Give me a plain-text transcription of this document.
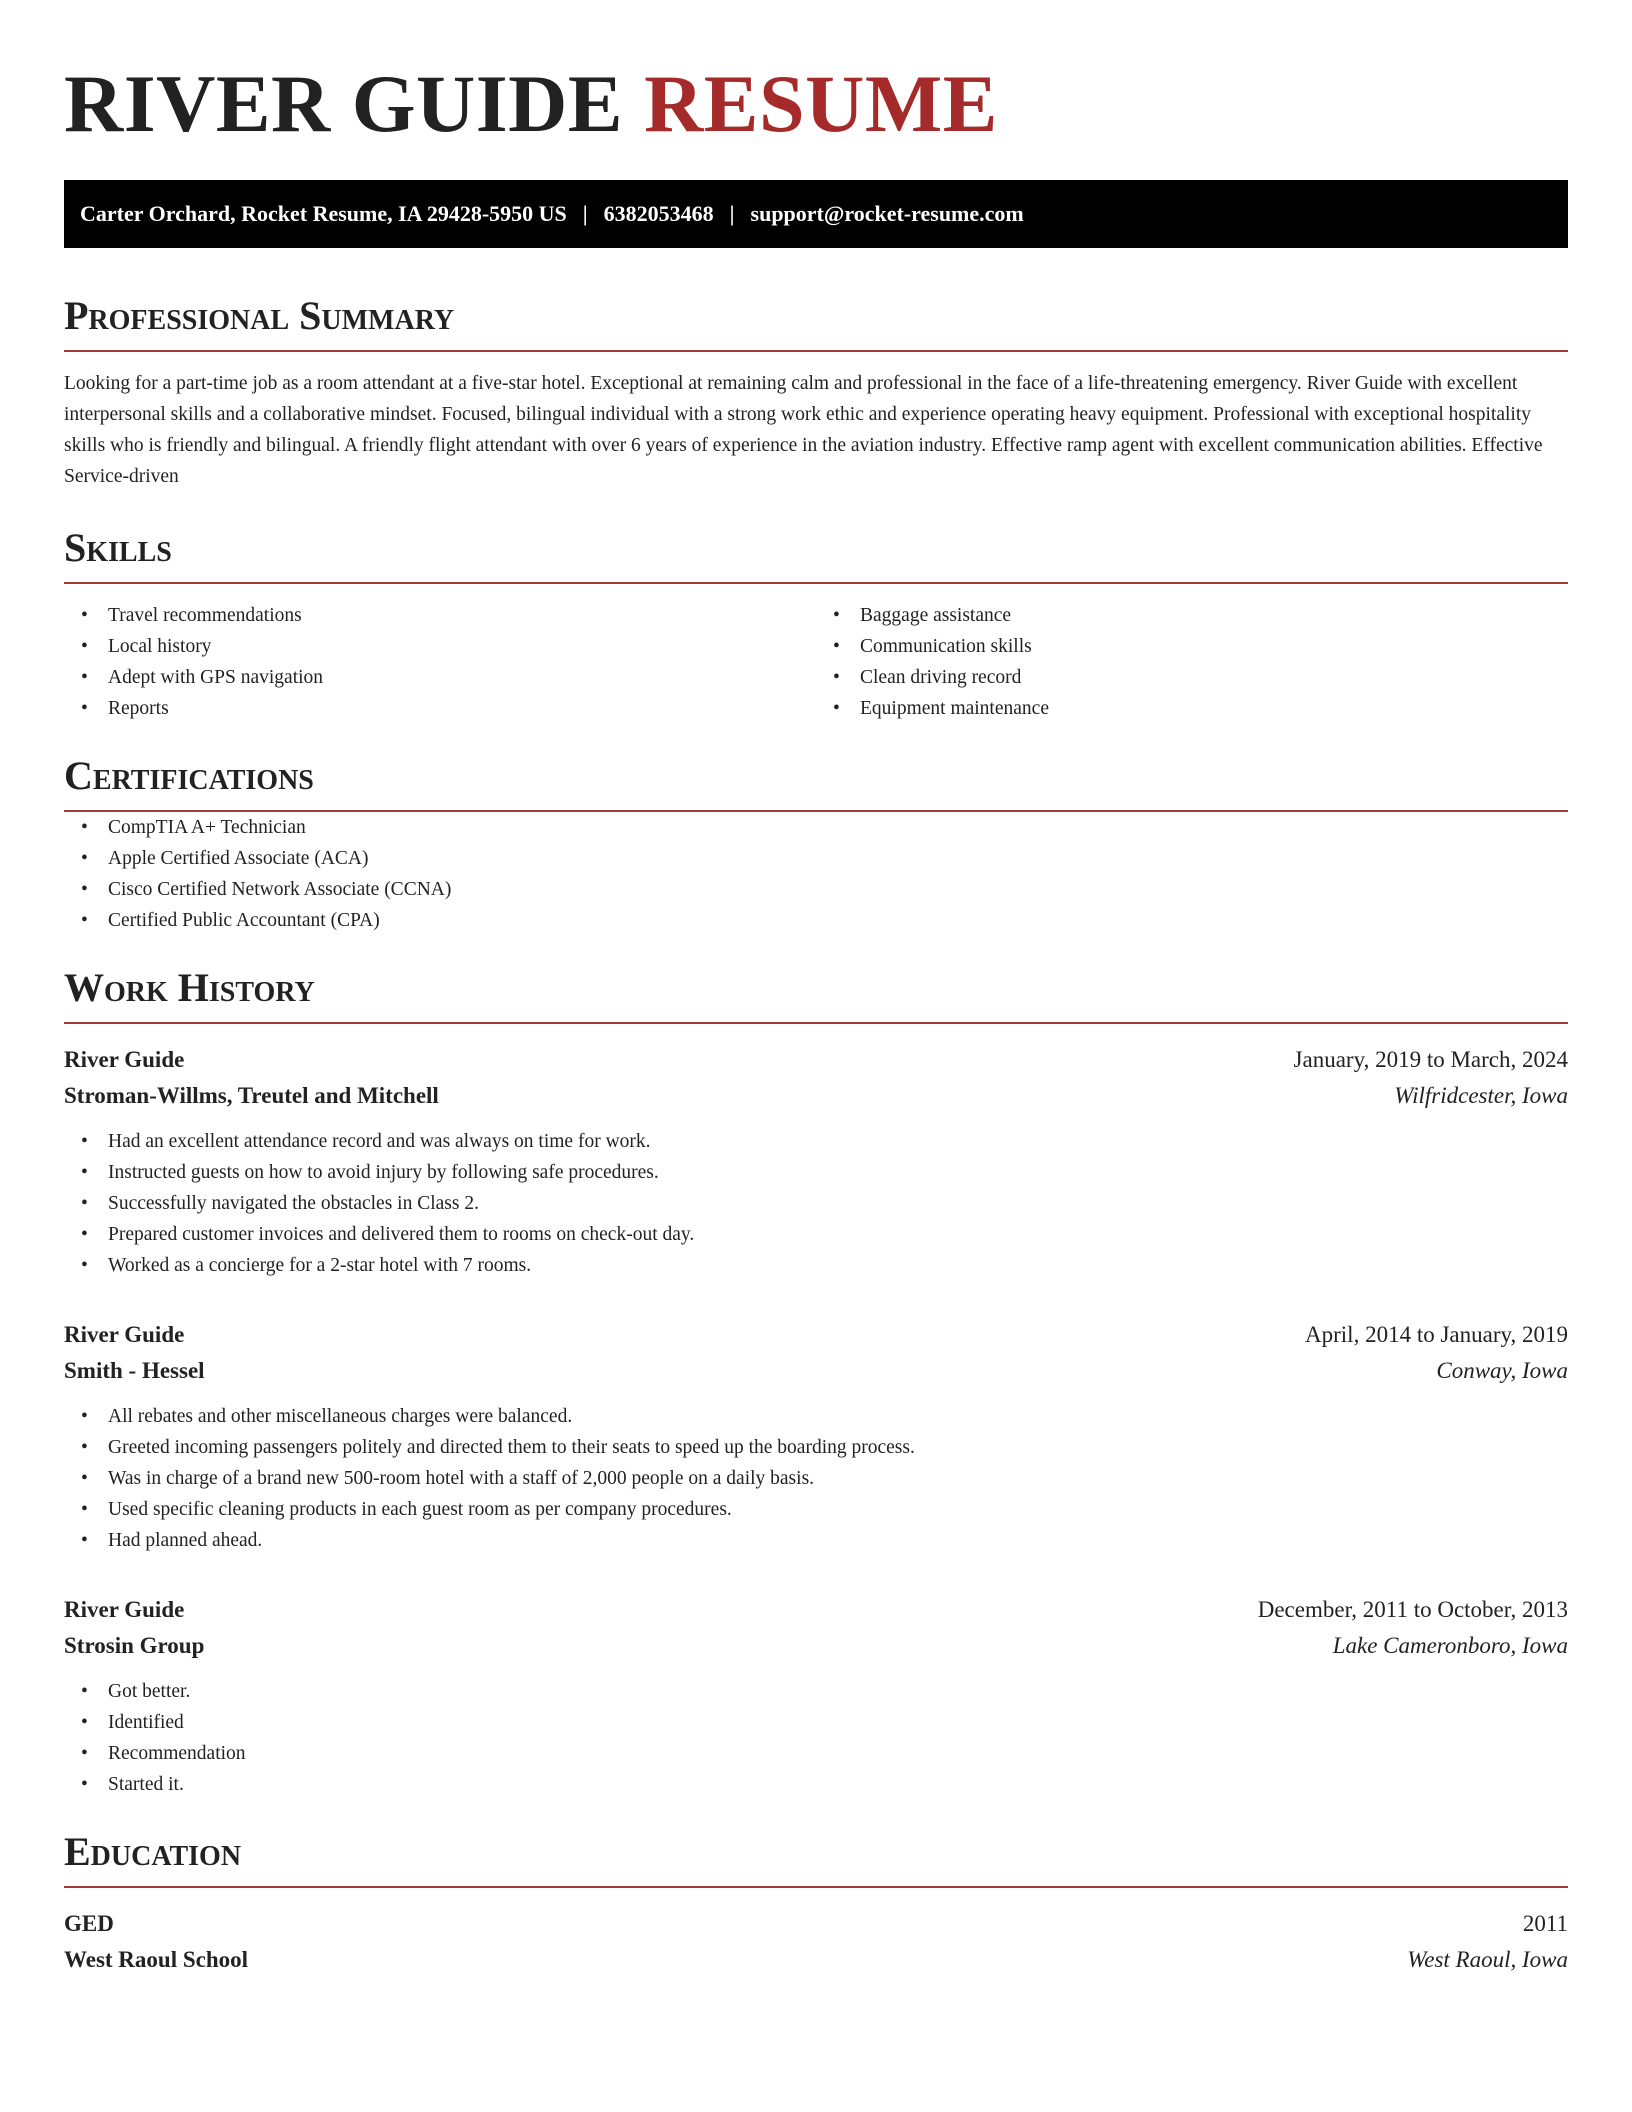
RIVER GUIDE RESUME
Carter Orchard, Rocket Resume, IA 29428-5950 US | 6382053468 | support@rocket-resume.com
Professional Summary

Looking for a part-time job as a room attendant at a five-star hotel. Exceptional at remaining calm and professional in the face of a life-threatening emergency. River Guide with excellent interpersonal skills and a collaborative mindset. Focused, bilingual individual with a strong work ethic and experience operating heavy equipment. Professional with exceptional hospitality skills who is friendly and bilingual. A friendly flight attendant with over 6 years of experience in the aviation industry. Effective ramp agent with excellent communication abilities. Effective Service-driven

Skills
• Travel recommendations
• Local history
• Adept with GPS navigation
• Reports
• Baggage assistance
• Communication skills
• Clean driving record
• Equipment maintenance
Certifications
• CompTIA A+ Technician
• Apple Certified Associate (ACA)
• Cisco Certified Network Associate (CCNA)
• Certified Public Accountant (CPA)
Work History
River Guide	January, 2019 to March, 2024
Stroman-Willms, Treutel and Mitchell	Wilfridcester, Iowa
• Had an excellent attendance record and was always on time for work.
• Instructed guests on how to avoid injury by following safe procedures.
• Successfully navigated the obstacles in Class 2.
• Prepared customer invoices and delivered them to rooms on check-out day.
• Worked as a concierge for a 2-star hotel with 7 rooms.
River Guide	April, 2014 to January, 2019
Smith - Hessel	Conway, Iowa
• All rebates and other miscellaneous charges were balanced.
• Greeted incoming passengers politely and directed them to their seats to speed up the boarding process.
• Was in charge of a brand new 500-room hotel with a staff of 2,000 people on a daily basis.
• Used specific cleaning products in each guest room as per company procedures.
• Had planned ahead.
River Guide	December, 2011 to October, 2013
Strosin Group	Lake Cameronboro, Iowa
• Got better.
• Identified
• Recommendation
• Started it.
Education
GED	2011
West Raoul School	West Raoul, Iowa
